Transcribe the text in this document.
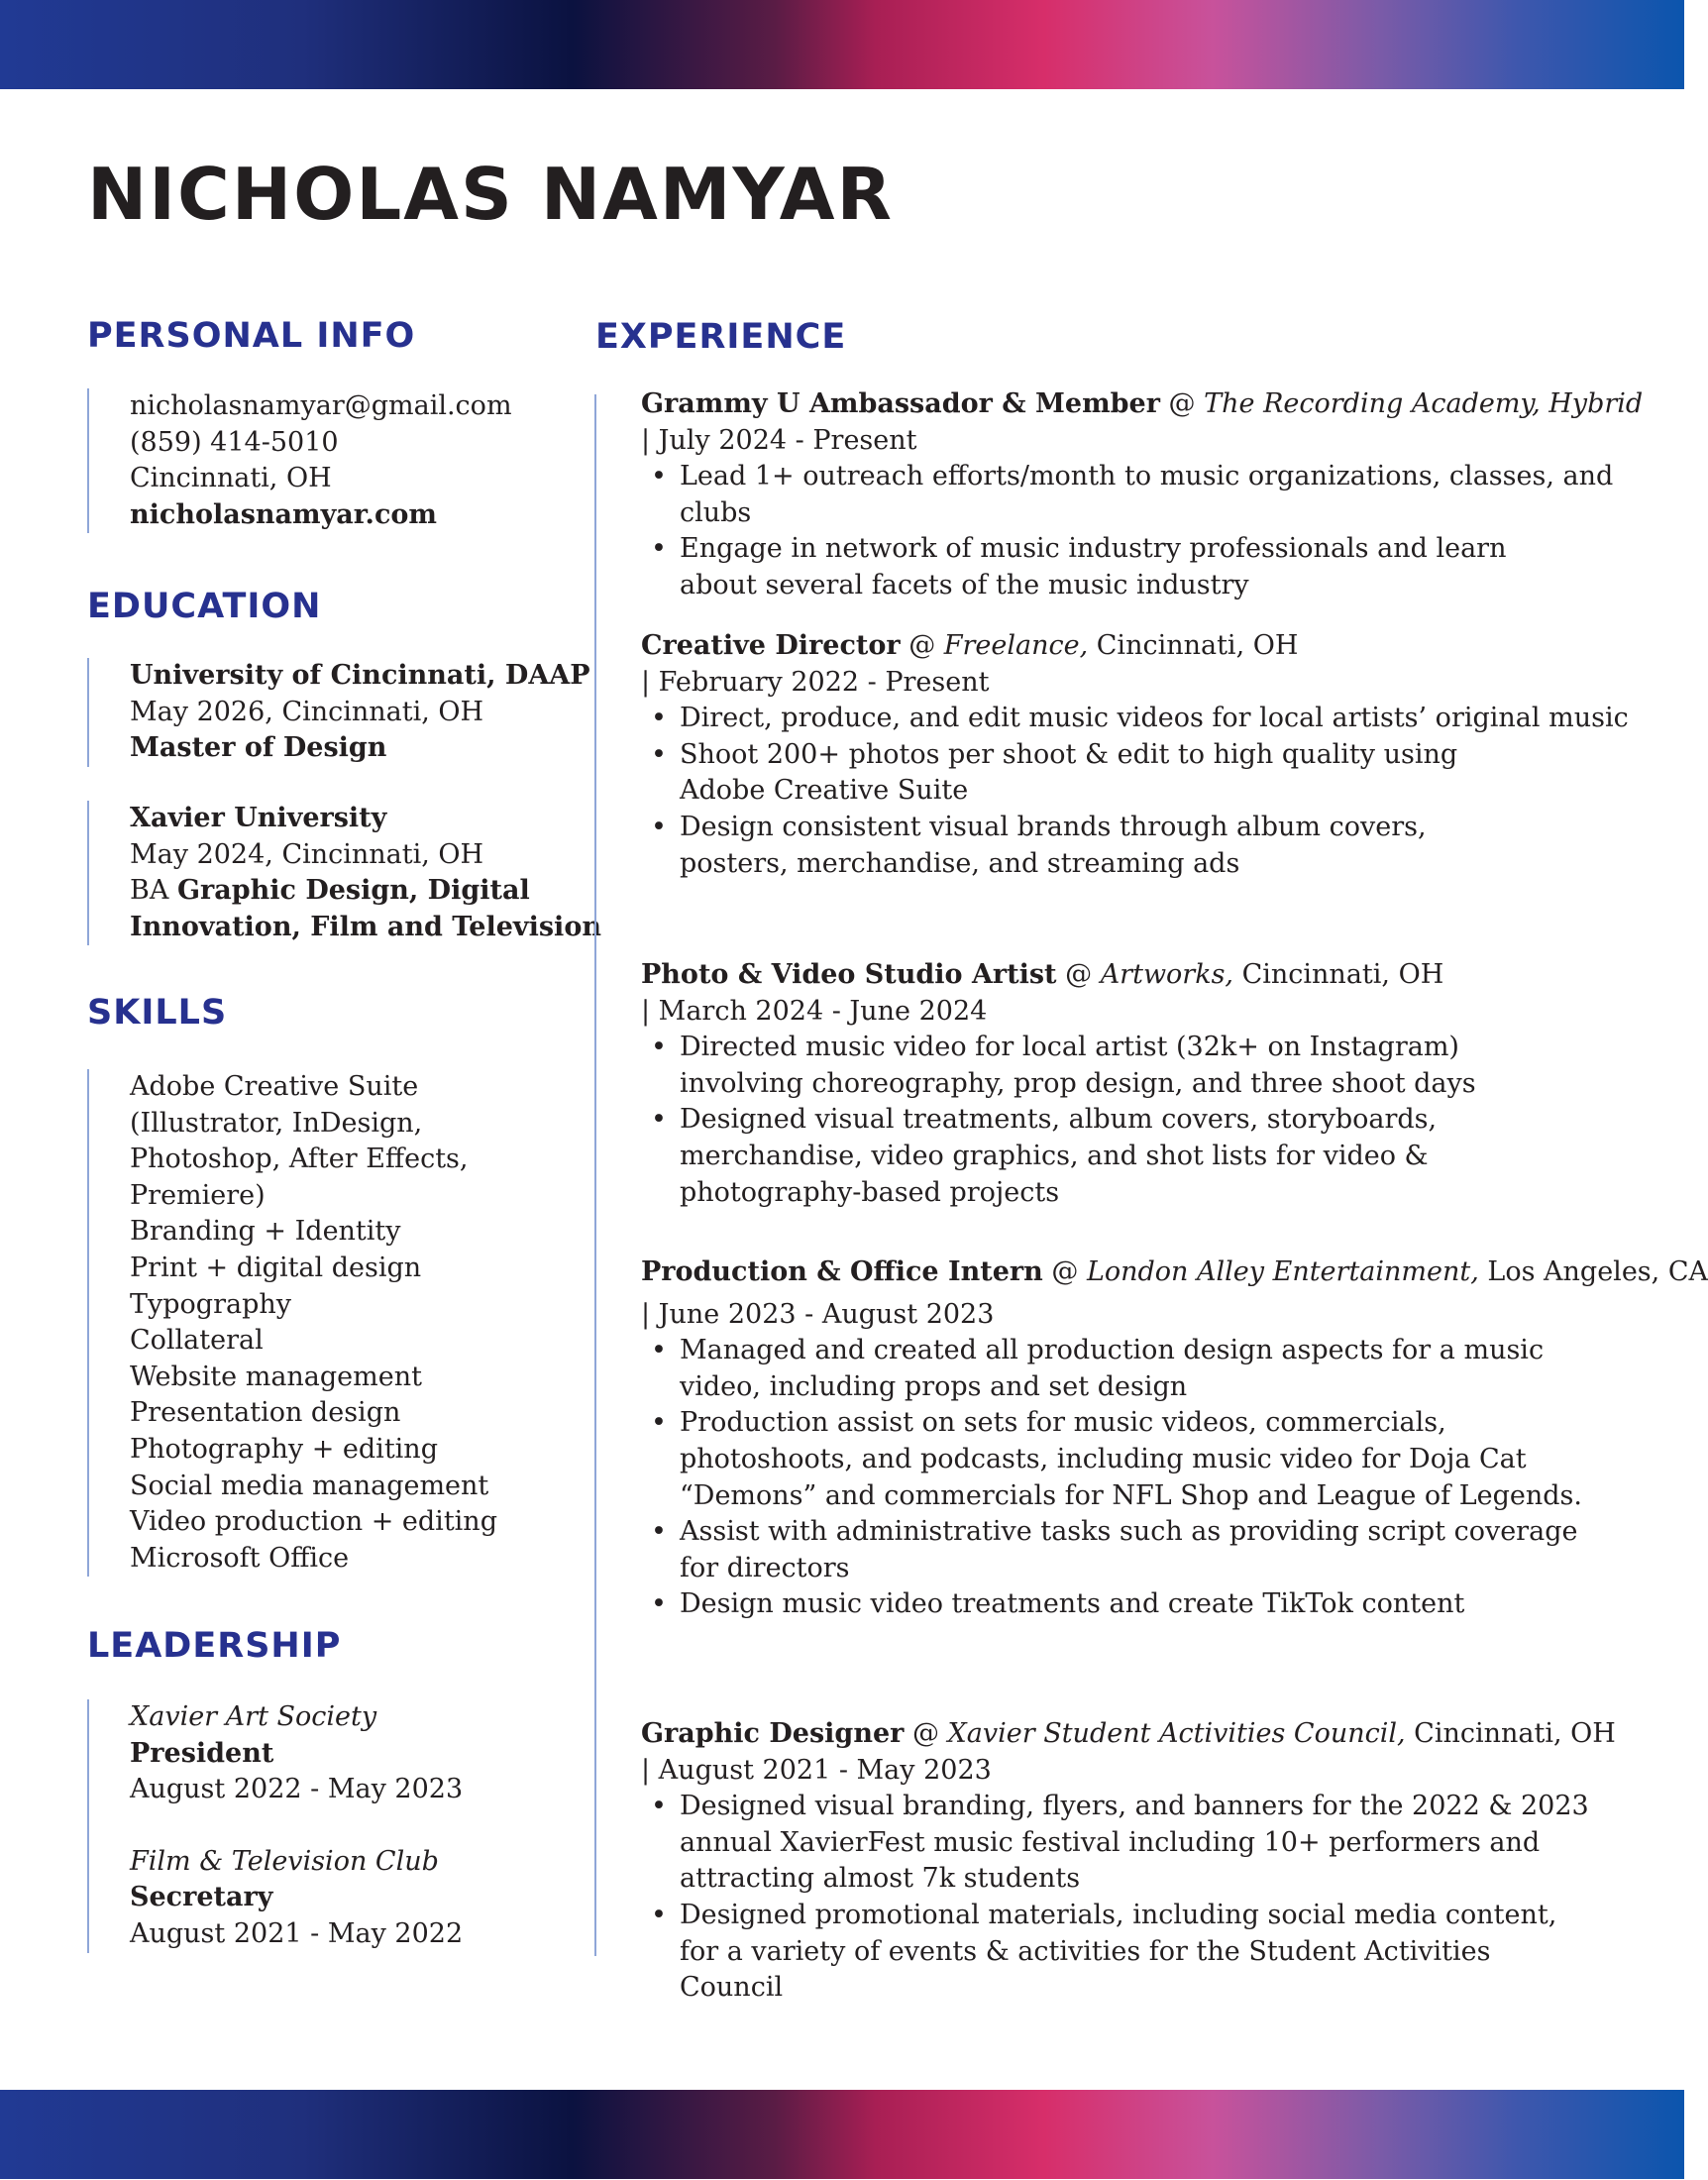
NICHOLAS NAMYAR
PERSONAL INFO
nicholasnamyar@gmail.com
(859) 414-5010
Cincinnati, OH
nicholasnamyar.com
EDUCATION
University of Cincinnati, DAAP
May 2026, Cincinnati, OH
Master of Design
Xavier University
May 2024, Cincinnati, OH
BA Graphic Design, Digital
Innovation, Film and Television
SKILLS
Adobe Creative Suite
(Illustrator, InDesign,
Photoshop, After Effects,
Premiere)
Branding + Identity
Print + digital design
Typography
Collateral
Website management
Presentation design
Photography + editing
Social media management
Video production + editing
Microsoft Office
LEADERSHIP
Xavier Art Society
President
August 2022 - May 2023
Film & Television Club
Secretary
August 2021 - May 2022
EXPERIENCE
Grammy U Ambassador & Member @ The Recording Academy, Hybrid
| July 2024 - Present
• Lead 1+ outreach efforts/month to music organizations, classes, and clubs
• Engage in network of music industry professionals and learn about several facets of the music industry
Creative Director @ Freelance, Cincinnati, OH
| February 2022 - Present
• Direct, produce, and edit music videos for local artists’ original music
• Shoot 200+ photos per shoot & edit to high quality using Adobe Creative Suite
• Design consistent visual brands through album covers, posters, merchandise, and streaming ads
Photo & Video Studio Artist @ Artworks, Cincinnati, OH
| March 2024 - June 2024
• Directed music video for local artist (32k+ on Instagram) involving choreography, prop design, and three shoot days
• Designed visual treatments, album covers, storyboards, merchandise, video graphics, and shot lists for video & photography-based projects
Production & Office Intern @ London Alley Entertainment, Los Angeles, CA
| June 2023 - August 2023
• Managed and created all production design aspects for a music video, including props and set design
• Production assist on sets for music videos, commercials, photoshoots, and podcasts, including music video for Doja Cat “Demons” and commercials for NFL Shop and League of Legends.
• Assist with administrative tasks such as providing script coverage for directors
• Design music video treatments and create TikTok content
Graphic Designer @ Xavier Student Activities Council, Cincinnati, OH
| August 2021 - May 2023
• Designed visual branding, flyers, and banners for the 2022 & 2023 annual XavierFest music festival including 10+ performers and attracting almost 7k students
• Designed promotional materials, including social media content, for a variety of events & activities for the Student Activities Council
